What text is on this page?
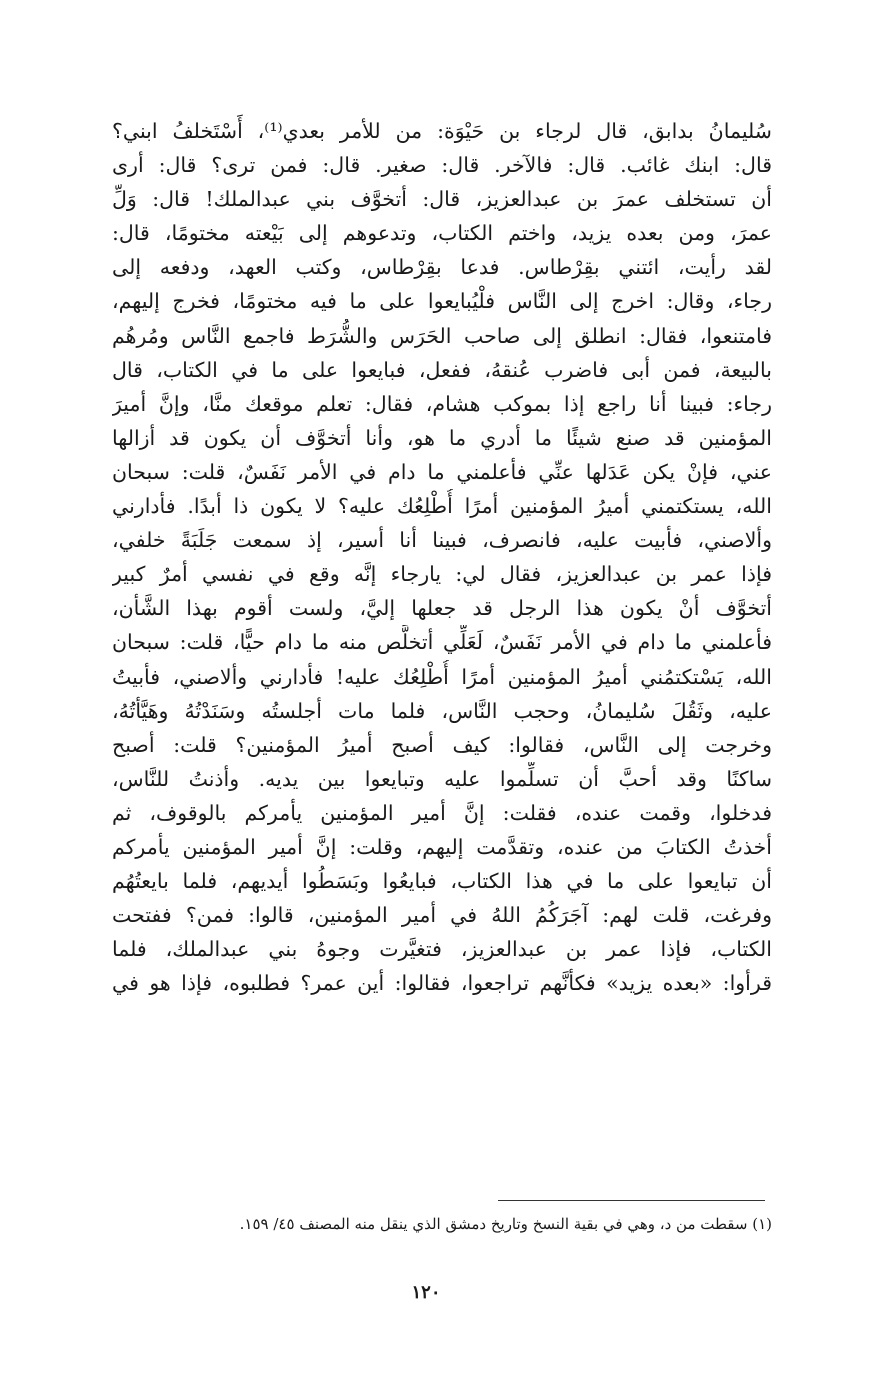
سُليمانُ بدابق، قال لرجاء بن حَيْوَة: من للأمر بعدي⁽¹⁾، أَسْتَخلفُ ابني؟
قال: ابنك غائب. قال: فالآخر. قال: صغير. قال: فمن ترى؟ قال: أرى
أن تستخلف عمرَ بن عبدالعزيز، قال: أتخوَّف بني عبدالملك! قال: وَلِّ
عمرَ، ومن بعده يزيد، واختم الكتاب، وتدعوهم إلى بَيْعته مختومًا، قال:
لقد رأيت، ائتني بقِرْطاس. فدعا بقِرْطاس، وكتب العهد، ودفعه إلى
رجاء، وقال: اخرج إلى النَّاس فلْيُبايعوا على ما فيه مختومًا، فخرج إليهم،
فامتنعوا، فقال: انطلق إلى صاحب الحَرَس والشُّرَط فاجمع النَّاس ومُرهُم
بالبيعة، فمن أبى فاضرب عُنقهُ، ففعل، فبايعوا على ما في الكتاب، قال
رجاء: فبينا أنا راجع إذا بموكب هشام، فقال: تعلم موقعك منَّا، وإنَّ أميرَ
المؤمنين قد صنع شيئًا ما أدري ما هو، وأنا أتخوَّف أن يكون قد أزالها
عني، فإنْ يكن عَدَلها عنِّي فأعلمني ما دام في الأمر نَفَسٌ، قلت: سبحان
الله، يستكتمني أميرُ المؤمنين أمرًا أُطْلِعُك عليه؟ لا يكون ذا أبدًا. فأدارني
وألاصني، فأبيت عليه، فانصرف، فبينا أنا أسير، إذ سمعت جَلَبَةً خلفي،
فإذا عمر بن عبدالعزيز، فقال لي: يارجاء إنَّه وقع في نفسي أمرٌ كبير
أتخوَّف أنْ يكون هذا الرجل قد جعلها إليَّ، ولست أقوم بهذا الشَّأن،
فأعلمني ما دام في الأمر نَفَسٌ، لَعَلِّي أتخلَّص منه ما دام حيًّا، قلت: سبحان
الله، يَسْتكتمُني أميرُ المؤمنين أمرًا أُطْلِعُك عليه! فأدارني وألاصني، فأبيتُ
عليه، وثَقُلَ سُليمانُ، وحجب النَّاس، فلما مات أجلستُه وسَنَدْتُهُ وهَيَّأتُهُ،
وخرجت إلى النَّاس، فقالوا: كيف أصبح أميرُ المؤمنين؟ قلت: أصبح
ساكنًا وقد أحبَّ أن تسلِّموا عليه وتبايعوا بين يديه. وأذنتُ للنَّاس،
فدخلوا، وقمت عنده، فقلت: إنَّ أمير المؤمنين يأمركم بالوقوف، ثم
أخذتُ الكتابَ من عنده، وتقدَّمت إليهم، وقلت: إنَّ أمير المؤمنين يأمركم
أن تبايعوا على ما في هذا الكتاب، فبايعُوا وبَسَطُوا أيديهم، فلما بايعتُهُم
وفرغت، قلت لهم: آجَرَكُمُ اللهُ في أمير المؤمنين، قالوا: فمن؟ ففتحت
الكتاب، فإذا عمر بن عبدالعزيز، فتغيَّرت وجوهُ بني عبدالملك، فلما
قرأوا: «بعده يزيد» فكأنَّهم تراجعوا، فقالوا: أين عمر؟ فطلبوه، فإذا هو في
(١) سقطت من د، وهي في بقية النسخ وتاريخ دمشق الذي ينقل منه المصنف ٤٥/ ١٥٩.
١٢٠
